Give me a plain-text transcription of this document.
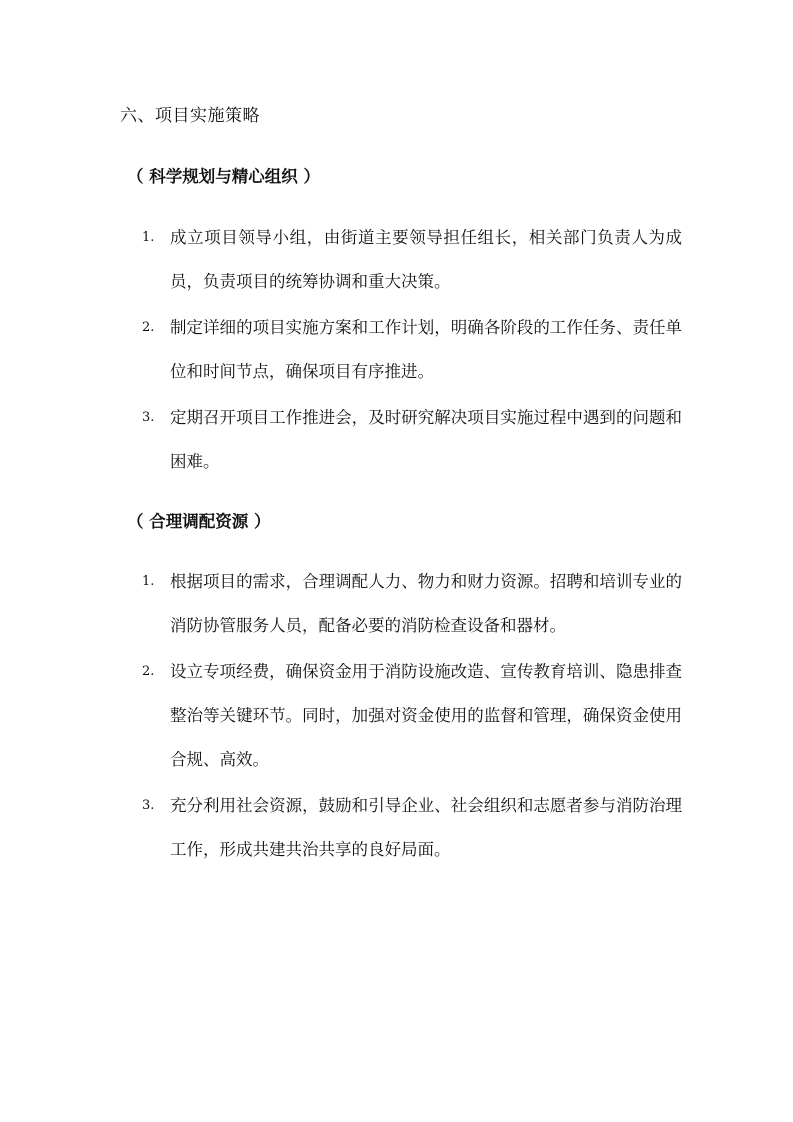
六、项目实施策略
（ 科学规划与精心组织 ）
1. 成立项目领导小组，由街道主要领导担任组长，相关部门负责人为成员，负责项目的统筹协调和重大决策。
2. 制定详细的项目实施方案和工作计划，明确各阶段的工作任务、责任单位和时间节点，确保项目有序推进。
3. 定期召开项目工作推进会，及时研究解决项目实施过程中遇到的问题和困难。
（ 合理调配资源 ）
1. 根据项目的需求，合理调配人力、物力和财力资源。招聘和培训专业的消防协管服务人员，配备必要的消防检查设备和器材。
2. 设立专项经费，确保资金用于消防设施改造、宣传教育培训、隐患排查整治等关键环节。同时，加强对资金使用的监督和管理，确保资金使用合规、高效。
3. 充分利用社会资源，鼓励和引导企业、社会组织和志愿者参与消防治理工作，形成共建共治共享的良好局面。
